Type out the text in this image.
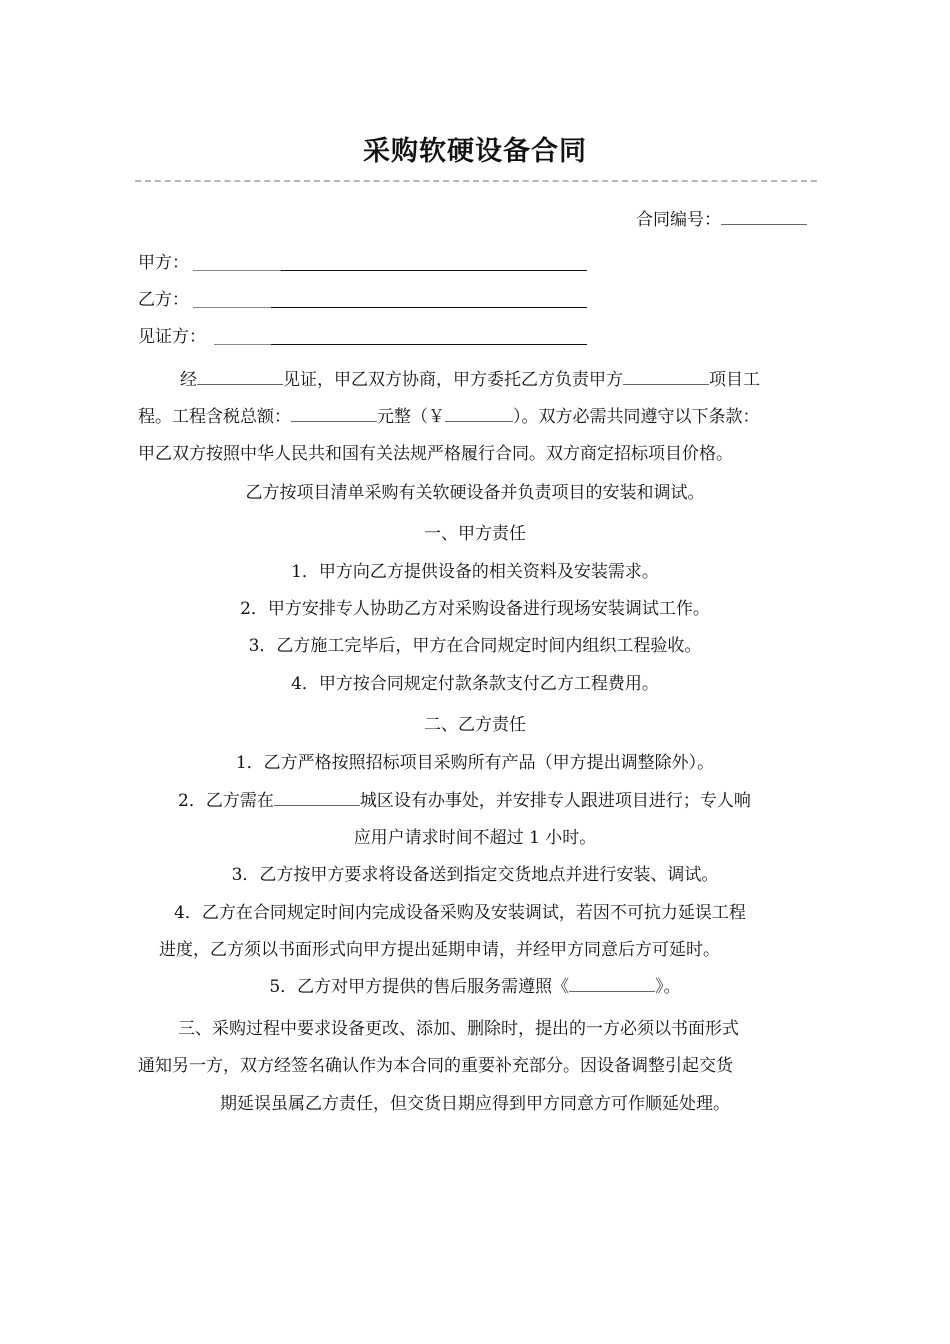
采购软硬设备合同
合同编号：
甲方：
乙方：
见证方：
经	见证，甲乙双方协商，甲方委托乙方负责甲方	项目工
程。工程含税总额：	元整（￥	）。双方必需共同遵守以下条款：
甲乙双方按照中华人民共和国有关法规严格履行合同。双方商定招标项目价格。
乙方按项目清单采购有关软硬设备并负责项目的安装和调试。
一、甲方责任
1．甲方向乙方提供设备的相关资料及安装需求。
2．甲方安排专人协助乙方对采购设备进行现场安装调试工作。
3．乙方施工完毕后，甲方在合同规定时间内组织工程验收。
4．甲方按合同规定付款条款支付乙方工程费用。
二、乙方责任
1．乙方严格按照招标项目采购所有产品（甲方提出调整除外）。
2．乙方需在	城区设有办事处，并安排专人跟进项目进行；专人响
应用户请求时间不超过 1 小时。
3．乙方按甲方要求将设备送到指定交货地点并进行安装、调试。
4．乙方在合同规定时间内完成设备采购及安装调试，若因不可抗力延误工程
进度，乙方须以书面形式向甲方提出延期申请，并经甲方同意后方可延时。
5．乙方对甲方提供的售后服务需遵照《	》。
三、采购过程中要求设备更改、添加、删除时，提出的一方必须以书面形式
通知另一方，双方经签名确认作为本合同的重要补充部分。因设备调整引起交货
期延误虽属乙方责任，但交货日期应得到甲方同意方可作顺延处理。
